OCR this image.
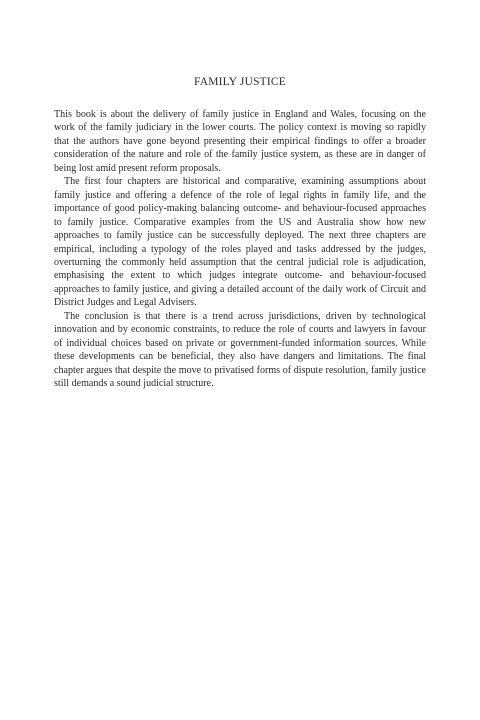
FAMILY JUSTICE

This book is about the delivery of family justice in England and Wales, focusing on the work of the family judiciary in the lower courts. The policy context is moving so rapidly that the authors have gone beyond presenting their empirical findings to offer a broader consideration of the nature and role of the family justice system, as these are in danger of being lost amid present reform proposals.

The first four chapters are historical and comparative, examining assumptions about family justice and offering a defence of the role of legal rights in family life, and the importance of good policy-making balancing outcome- and behaviour-focused approaches to family justice. Comparative examples from the US and Australia show how new approaches to family justice can be successfully deployed. The next three chapters are empirical, including a typology of the roles played and tasks addressed by the judges, overturning the commonly held assumption that the central judicial role is adjudication, emphasising the extent to which judges integrate outcome- and behaviour-focused approaches to family justice, and giving a detailed account of the daily work of Circuit and District Judges and Legal Advisers.

The conclusion is that there is a trend across jurisdictions, driven by technological innovation and by economic constraints, to reduce the role of courts and lawyers in favour of individual choices based on private or government-funded information sources. While these developments can be beneficial, they also have dangers and limitations. The final chapter argues that despite the move to privatised forms of dispute resolution, family justice still demands a sound judicial structure.
